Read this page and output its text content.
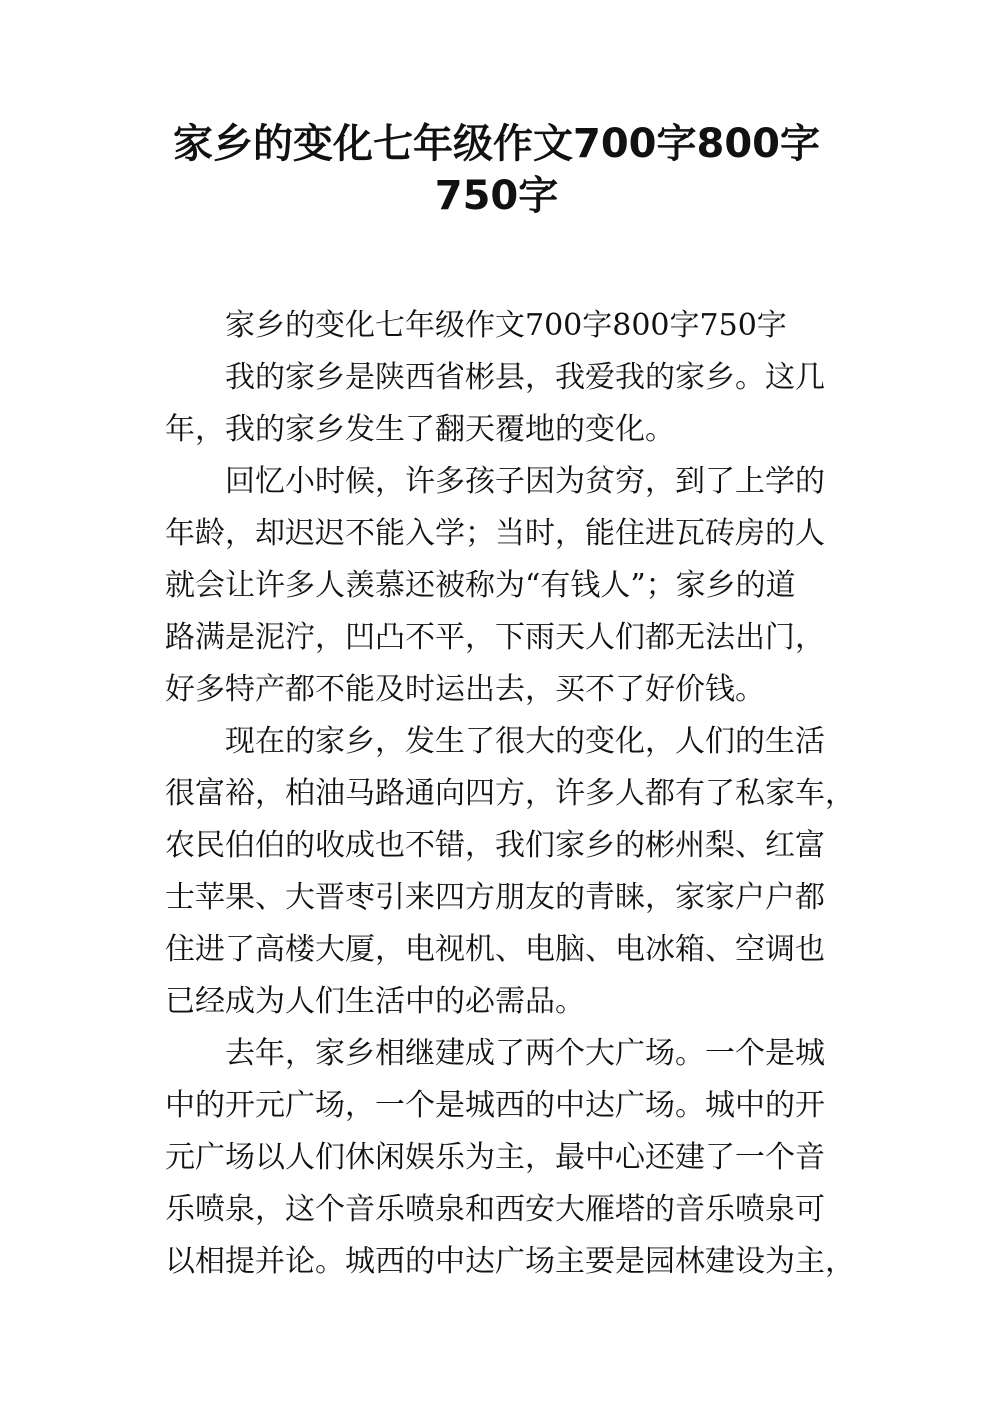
家乡的变化七年级作文700字800字
750字

家乡的变化七年级作文700字800字750字

我的家乡是陕西省彬县，我爱我的家乡。这几
年，我的家乡发生了翻天覆地的变化。

回忆小时候，许多孩子因为贫穷，到了上学的
年龄，却迟迟不能入学；当时，能住进瓦砖房的人
就会让许多人羡慕还被称为“有钱人”；家乡的道
路满是泥泞，凹凸不平，下雨天人们都无法出门，
好多特产都不能及时运出去，买不了好价钱。

现在的家乡，发生了很大的变化，人们的生活
很富裕，柏油马路通向四方，许多人都有了私家车，
农民伯伯的收成也不错，我们家乡的彬州梨、红富
士苹果、大晋枣引来四方朋友的青睐，家家户户都
住进了高楼大厦，电视机、电脑、电冰箱、空调也
已经成为人们生活中的必需品。

去年，家乡相继建成了两个大广场。一个是城
中的开元广场，一个是城西的中达广场。城中的开
元广场以人们休闲娱乐为主，最中心还建了一个音
乐喷泉，这个音乐喷泉和西安大雁塔的音乐喷泉可
以相提并论。城西的中达广场主要是园林建设为主，
